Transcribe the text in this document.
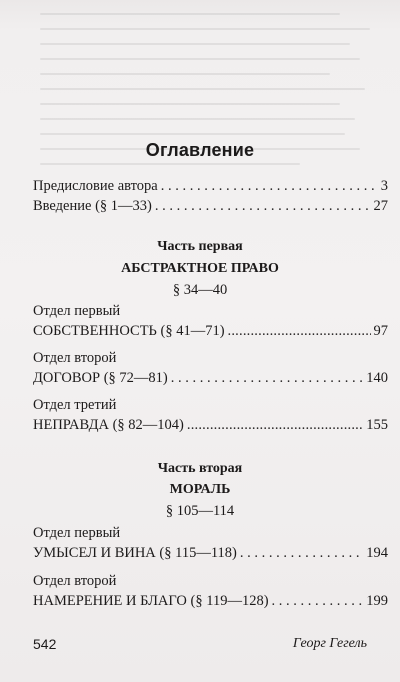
Оглавление
Предисловие автора . . .	3
Введение (§ 1—33) . . .	27
Часть первая
АБСТРАКТНОЕ ПРАВО
§ 34—40
Отдел первый
СОБСТВЕННОСТЬ (§ 41—71) .....	97
Отдел второй
ДОГОВОР (§ 72—81) . . .	140
Отдел третий
НЕПРАВДА (§ 82—104) .....	155
Часть вторая
МОРАЛЬ
§ 105—114
Отдел первый
УМЫСЕЛ И ВИНА (§ 115—118) . . .	194
Отдел второй
НАМЕРЕНИЕ И БЛАГО (§ 119—128) . . .	199
542	Георг Гегель
